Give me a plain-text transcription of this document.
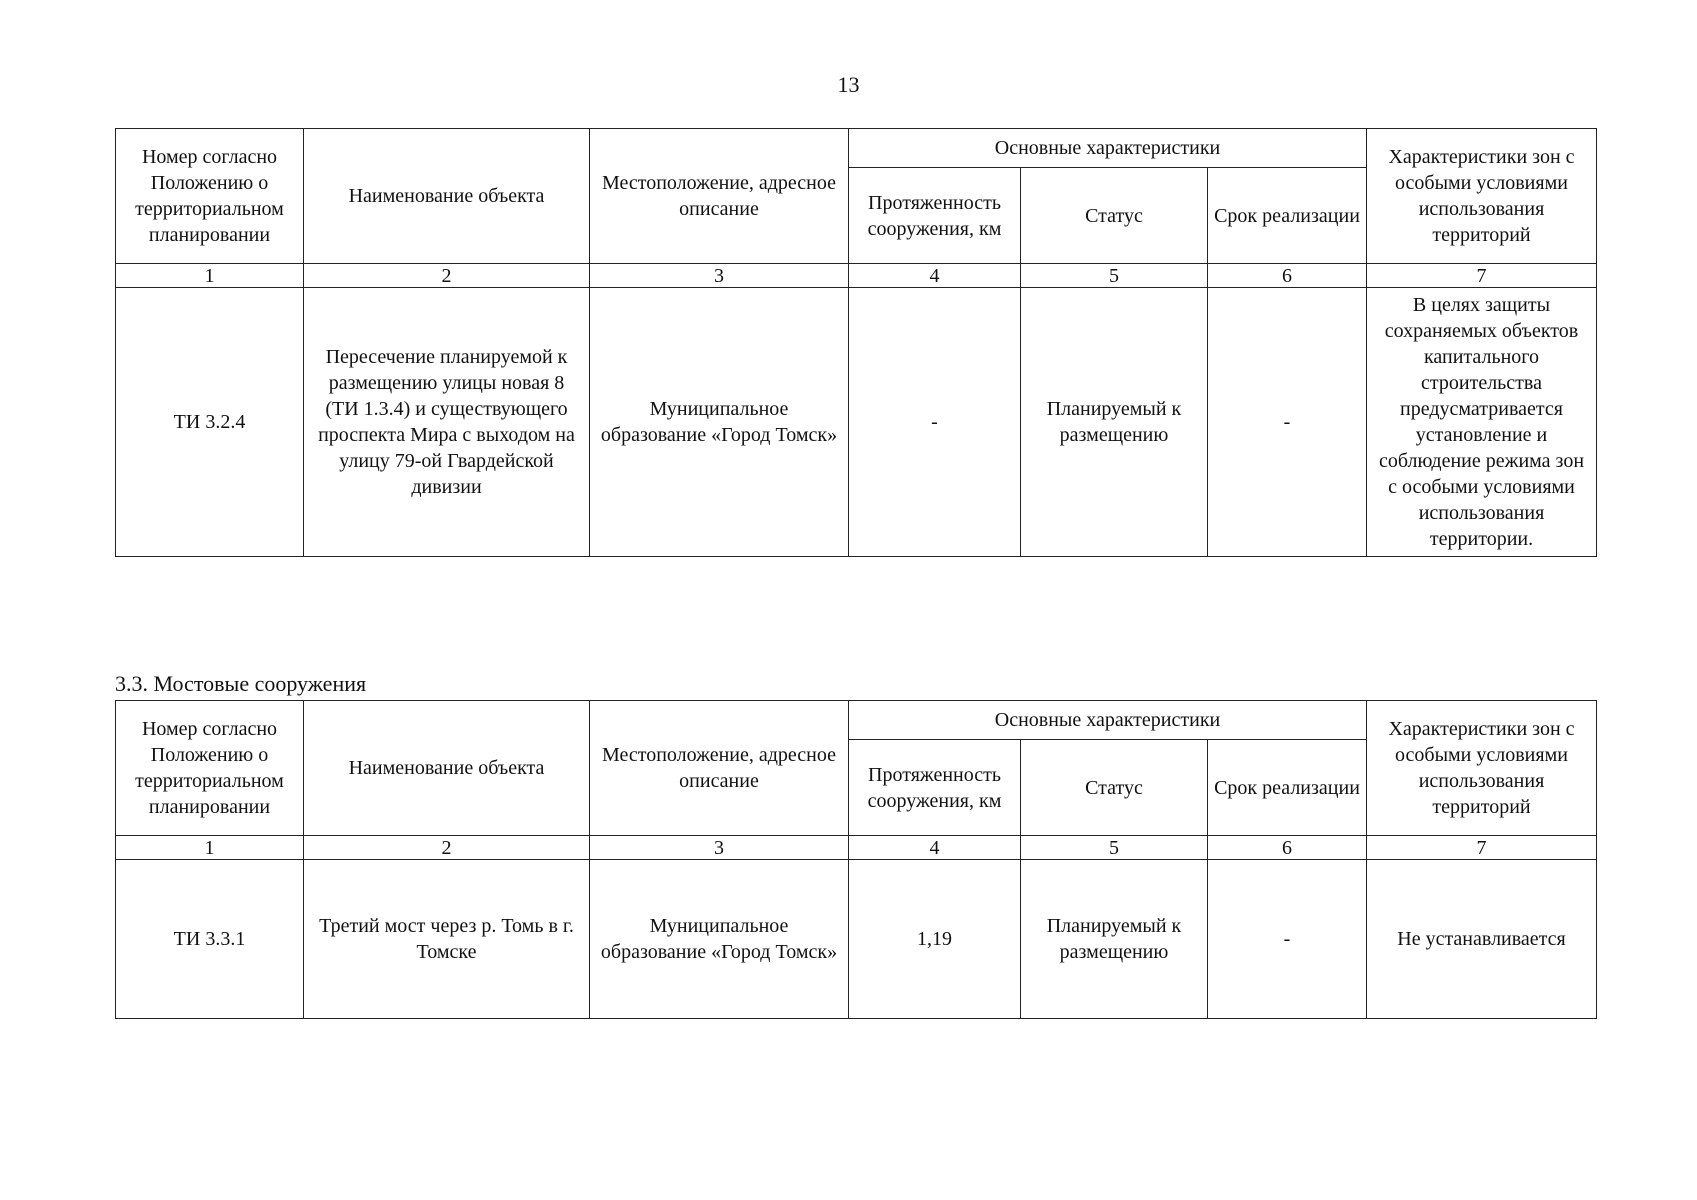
13
Номер согласно Положению о территориальном планировании	Наименование объекта	Местоположение, адресное описание	Основные характеристики			Характеристики зон с особыми условиями использования территорий
			Протяженность сооружения, км	Статус	Срок реализации	
1	2	3	4	5	6	7
ТИ 3.2.4	Пересечение планируемой к размещению улицы новая 8 (ТИ 1.3.4) и существующего проспекта Мира с выходом на улицу 79-ой Гвардейской дивизии	Муниципальное образование «Город Томск»	-	Планируемый к размещению	-	В целях защиты сохраняемых объектов капитального строительства предусматривается установление и соблюдение режима зон с особыми условиями использования территории.
3.3. Мостовые сооружения
Номер согласно Положению о территориальном планировании	Наименование объекта	Местоположение, адресное описание	Основные характеристики			Характеристики зон с особыми условиями использования территорий
			Протяженность сооружения, км	Статус	Срок реализации	
1	2	3	4	5	6	7
ТИ 3.3.1	Третий мост через р. Томь в г. Томске	Муниципальное образование «Город Томск»	1,19	Планируемый к размещению	-	Не устанавливается
